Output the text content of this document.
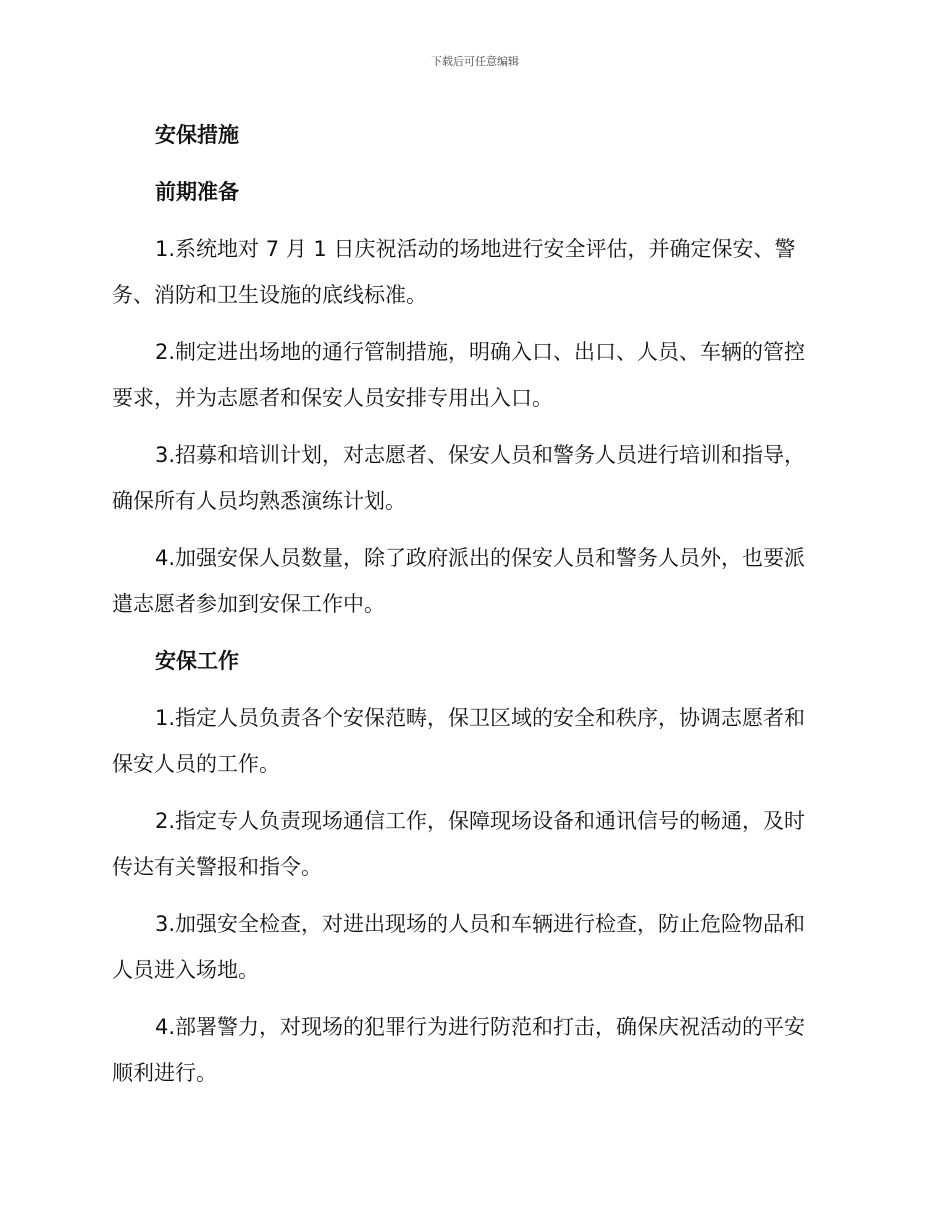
下载后可任意编辑
安保措施
前期准备
1.系统地对 7 月 1 日庆祝活动的场地进行安全评估，并确定保安、警
务、消防和卫生设施的底线标准。
2.制定进出场地的通行管制措施，明确入口、出口、人员、车辆的管控
要求，并为志愿者和保安人员安排专用出入口。
3.招募和培训计划，对志愿者、保安人员和警务人员进行培训和指导，
确保所有人员均熟悉演练计划。
4.加强安保人员数量，除了政府派出的保安人员和警务人员外，也要派
遣志愿者参加到安保工作中。
安保工作
1.指定人员负责各个安保范畴，保卫区域的安全和秩序，协调志愿者和
保安人员的工作。
2.指定专人负责现场通信工作，保障现场设备和通讯信号的畅通，及时
传达有关警报和指令。
3.加强安全检查，对进出现场的人员和车辆进行检查，防止危险物品和
人员进入场地。
4.部署警力，对现场的犯罪行为进行防范和打击，确保庆祝活动的平安
顺利进行。
